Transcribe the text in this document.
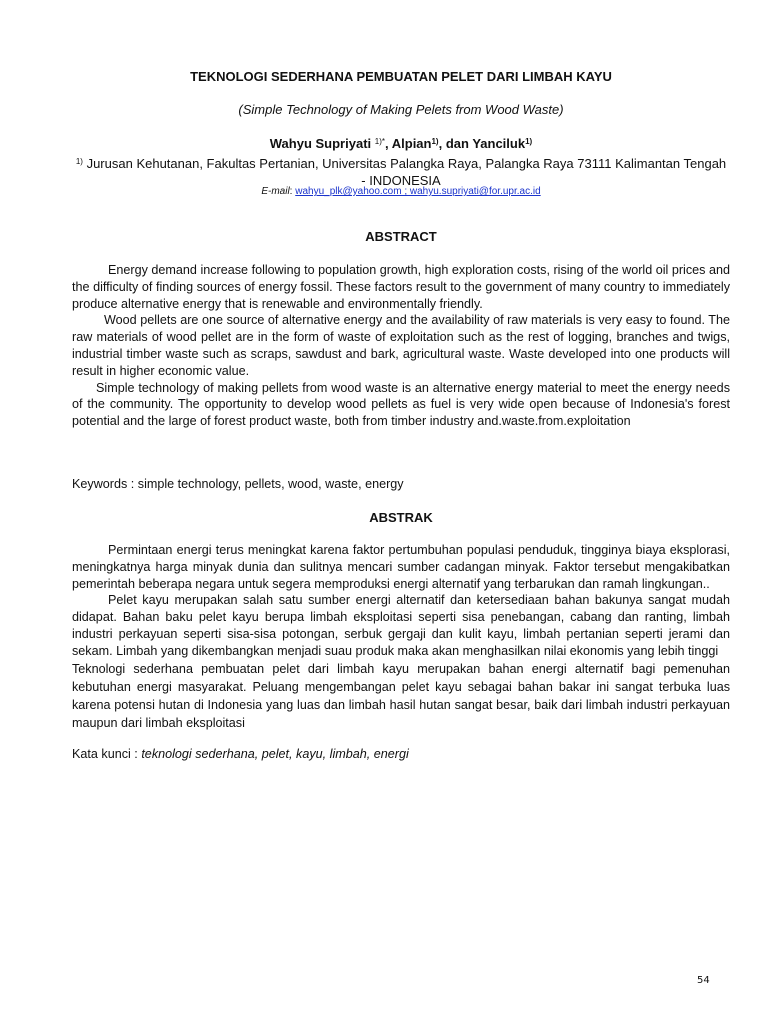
TEKNOLOGI SEDERHANA PEMBUATAN PELET DARI LIMBAH KAYU
(Simple Technology of Making Pelets from Wood Waste)
Wahyu Supriyati $^{1)*}$, Alpian$^{1)}$, dan Yanciluk$^{1)}$
$^{1)}$ Jurusan Kehutanan, Fakultas Pertanian, Universitas Palangka Raya, Palangka Raya 73111 Kalimantan Tengah - INDONESIA
E-mail: wahyu_plk@yahoo.com ; wahyu.supriyati@for.upr.ac.id
ABSTRACT

Energy demand increase following to population growth, high exploration costs, rising of the world oil prices and the difficulty of finding sources of energy fossil. These factors result to the government of many country to immediately produce alternative energy that is renewable and environmentally friendly.

Wood pellets are one source of alternative energy and the availability of raw materials is very easy to found. The raw materials of wood pellet are in the form of waste of exploitation such as the rest of logging, branches and twigs, industrial timber waste such as scraps, sawdust and bark, agricultural waste. Waste developed into one products will result in higher economic value.

Simple technology of making pellets from wood waste is an alternative energy material to meet the energy needs of the community. The opportunity to develop wood pellets as fuel is very wide open because of Indonesia's forest potential and the large of forest product waste, both from timber industry and.waste.from.exploitation

Keywords : simple technology, pellets, wood, waste, energy
ABSTRAK

Permintaan energi terus meningkat karena faktor pertumbuhan populasi penduduk, tingginya biaya eksplorasi, meningkatnya harga minyak dunia dan sulitnya mencari sumber cadangan minyak. Faktor tersebut mengakibatkan pemerintah beberapa negara untuk segera memproduksi energi alternatif yang terbarukan dan ramah lingkungan..

Pelet kayu merupakan salah satu sumber energi alternatif dan ketersediaan bahan bakunya sangat mudah didapat. Bahan baku pelet kayu berupa limbah eksploitasi seperti sisa penebangan, cabang dan ranting, limbah industri perkayuan seperti sisa-sisa potongan, serbuk gergaji dan kulit kayu, limbah pertanian seperti jerami dan sekam. Limbah yang dikembangkan menjadi suau produk maka akan menghasilkan nilai ekonomis yang lebih tinggi

Teknologi sederhana pembuatan pelet dari limbah kayu merupakan bahan energi alternatif bagi pemenuhan kebutuhan energi masyarakat. Peluang mengembangan pelet kayu sebagai bahan bakar ini sangat terbuka luas karena potensi hutan di Indonesia yang luas dan limbah hasil hutan sangat besar, baik dari limbah industri perkayuan maupun dari limbah eksploitasi

Kata kunci : teknologi sederhana, pelet, kayu, limbah, energi
54
